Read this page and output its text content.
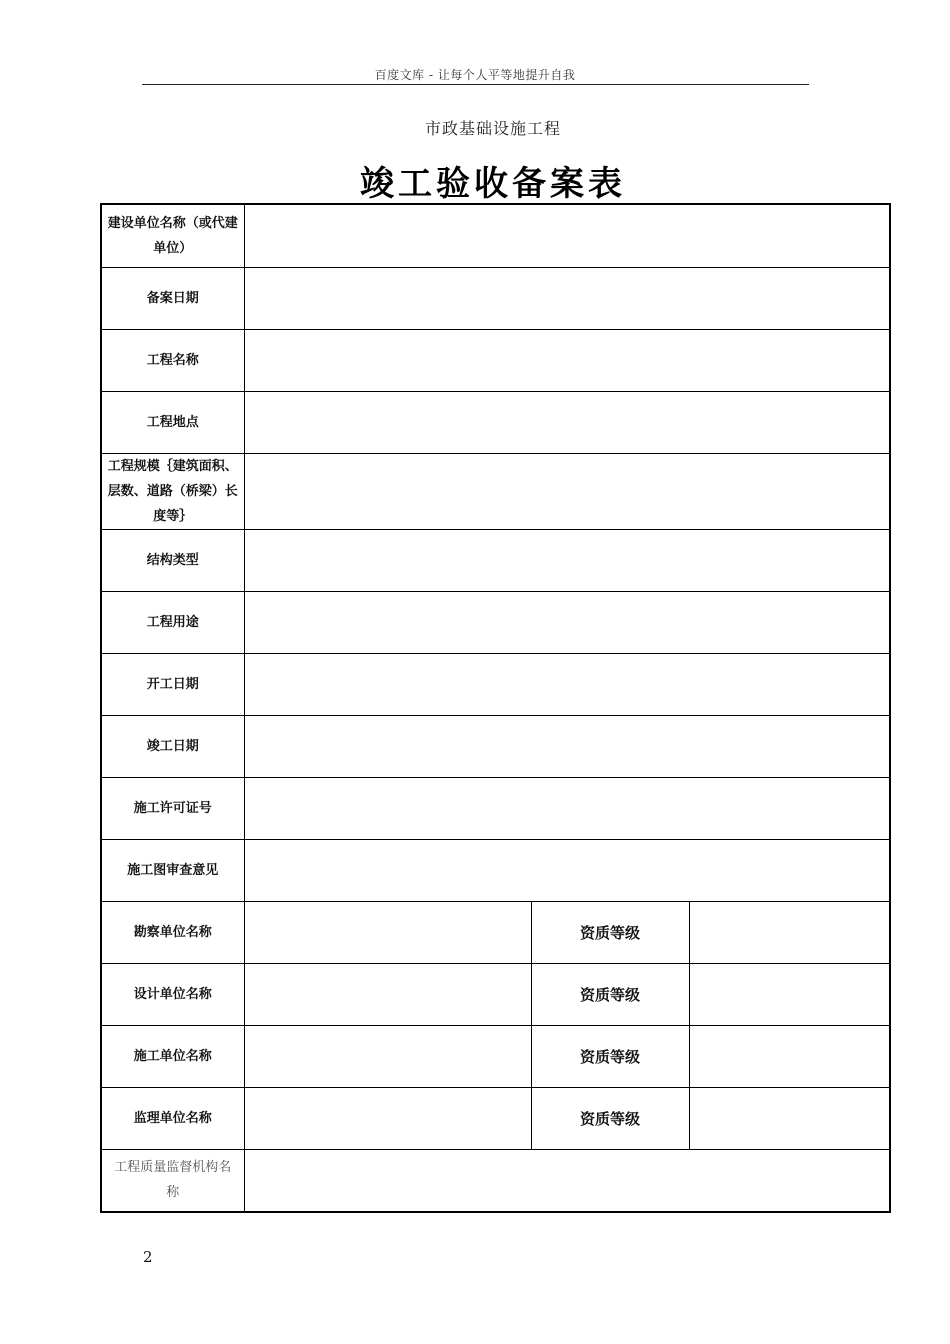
百度文库 - 让每个人平等地提升自我
市政基础设施工程
竣工验收备案表
建设单位名称（或代建单位）			
备案日期			
工程名称			
工程地点			
工程规模｛建筑面积、层数、道路（桥梁）长度等｝			
结构类型			
工程用途			
开工日期			
竣工日期			
施工许可证号			
施工图审查意见			
勘察单位名称		资质等级	
设计单位名称		资质等级	
施工单位名称		资质等级	
监理单位名称		资质等级	
工程质量监督机构名称			
2
